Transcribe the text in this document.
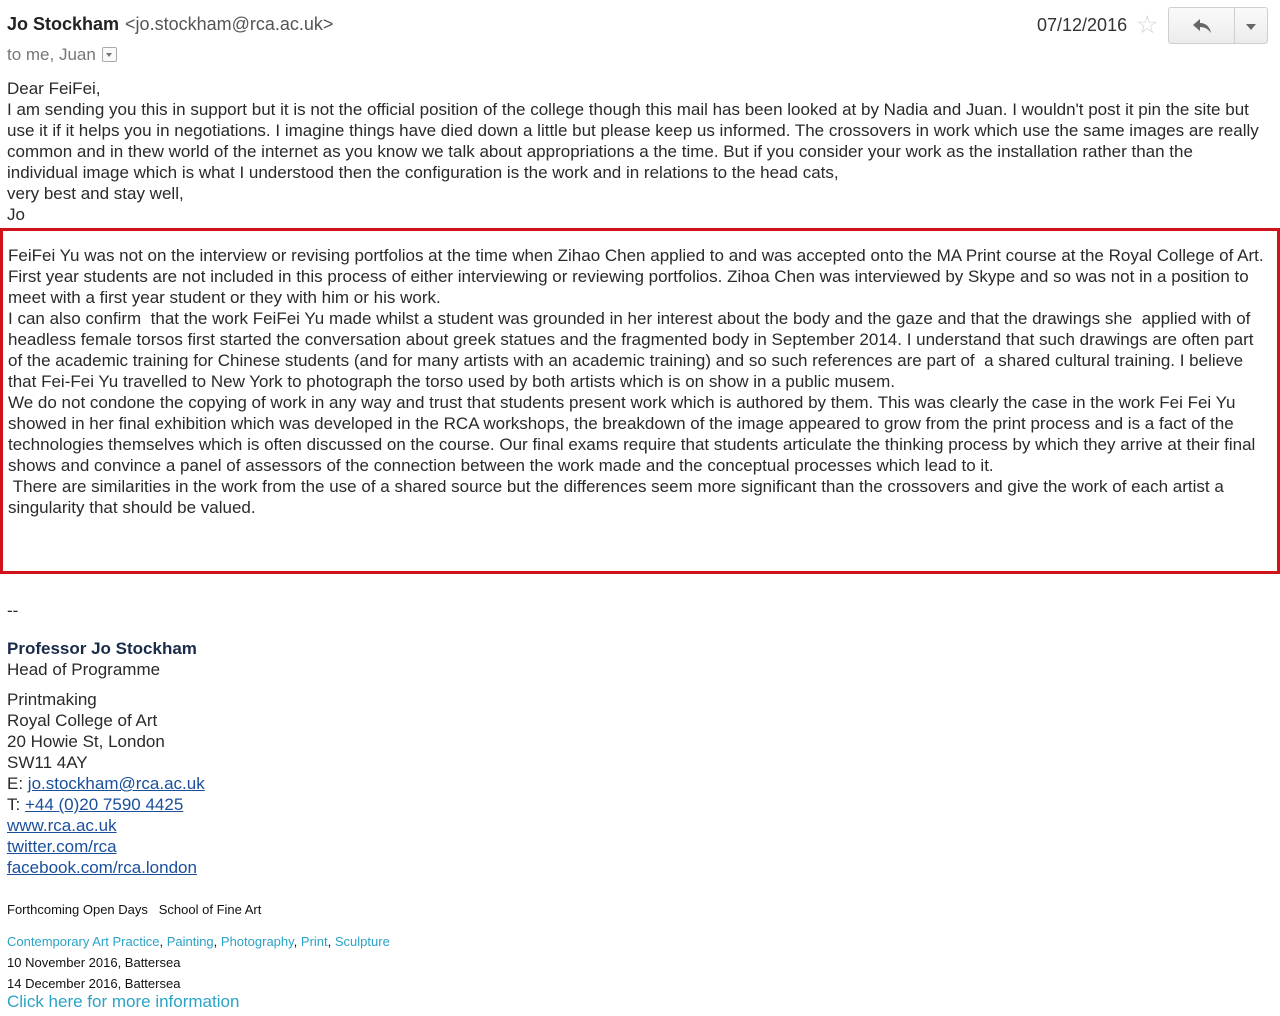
Jo Stockham <jo.stockham@rca.ac.uk>
to me, Juan
07/12/2016 ☆
Dear FeiFei,
I am sending you this in support but it is not the official position of the college though this mail has been looked at by Nadia and Juan. I wouldn't post it pin the site but use it if it helps you in negotiations. I imagine things have died down a little but please keep us informed. The crossovers in work which use the same images are really common and in thew world of the internet as you know we talk about appropriations a the time. But if you consider your work as the installation rather than the individual image which is what I understood then the configuration is the work and in relations to the head cats,
very best and stay well,
Jo
FeiFei Yu was not on the interview or revising portfolios at the time when Zihao Chen applied to and was accepted onto the MA Print course at the Royal College of Art. First year students are not included in this process of either interviewing or reviewing portfolios. Zihoa Chen was interviewed by Skype and so was not in a position to meet with a first year student or they with him or his work.
I can also confirm  that the work FeiFei Yu made whilst a student was grounded in her interest about the body and the gaze and that the drawings she  applied with of headless female torsos first started the conversation about greek statues and the fragmented body in September 2014. I understand that such drawings are often part of the academic training for Chinese students (and for many artists with an academic training) and so such references are part of  a shared cultural training. I believe that Fei-Fei Yu travelled to New York to photograph the torso used by both artists which is on show in a public musem.
We do not condone the copying of work in any way and trust that students present work which is authored by them. This was clearly the case in the work Fei Fei Yu showed in her final exhibition which was developed in the RCA workshops, the breakdown of the image appeared to grow from the print process and is a fact of the technologies themselves which is often discussed on the course. Our final exams require that students articulate the thinking process by which they arrive at their final shows and convince a panel of assessors of the connection between the work made and the conceptual processes which lead to it.
There are similarities in the work from the use of a shared source but the differences seem more significant than the crossovers and give the work of each artist a singularity that should be valued.
--
Professor Jo Stockham
Head of Programme
Printmaking
Royal College of Art
20 Howie St, London
SW11 4AY
E: jo.stockham@rca.ac.uk
T: +44 (0)20 7590 4425
www.rca.ac.uk
twitter.com/rca
facebook.com/rca.london
Forthcoming Open Days School of Fine Art
Contemporary Art Practice, Painting, Photography, Print, Sculpture
10 November 2016, Battersea
14 December 2016, Battersea
Click here for more information
